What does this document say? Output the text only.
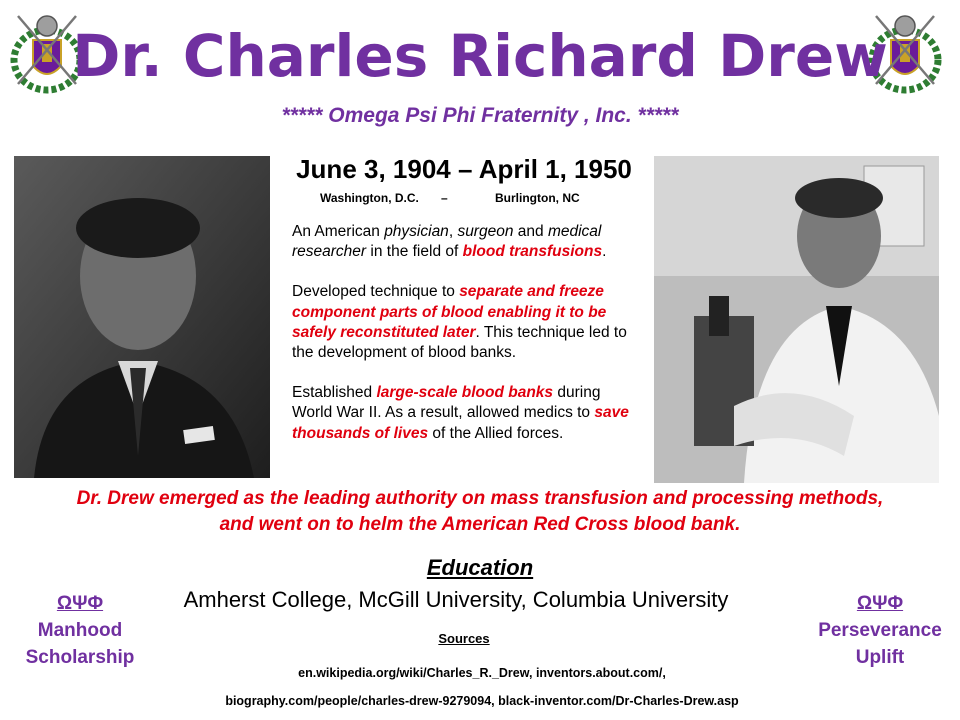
Dr. Charles Richard Drew
***** Omega Psi Phi Fraternity , Inc. *****
June 3, 1904 – April 1, 1950
Washington, D.C. –	Burlington, NC

An American physician, surgeon and medical researcher in the field of blood transfusions.

Developed technique to separate and freeze component parts of blood enabling it to be safely reconstituted later. This technique led to the development of blood banks.

Established large-scale blood banks during World War II. As a result, allowed medics to save thousands of lives of the Allied forces.

Dr. Drew emerged as the leading authority on mass transfusion and processing methods,
and went on to helm the American Red Cross blood bank.
Education
Amherst College, McGill University, Columbia University
ΩΨΦ
Manhood
Scholarship
ΩΨΦ
Perseverance
Uplift
Sources
en.wikipedia.org/wiki/Charles_R._Drew, inventors.about.com/,
biography.com/people/charles-drew-9279094, black-inventor.com/Dr-Charles-Drew.asp
